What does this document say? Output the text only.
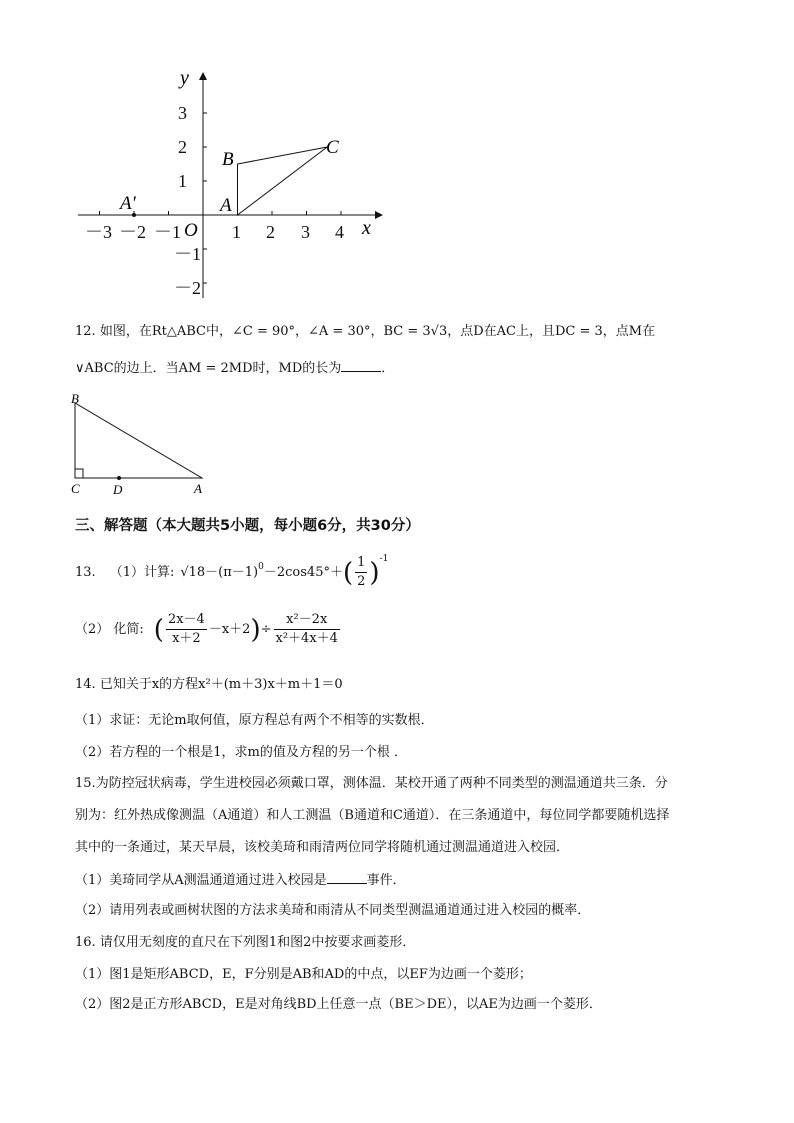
－3 －2 －1	1 2 3 4
3
2
1
－1
－2
O	x
y
A
B
C
A′
12. 如图，在Rt△ABC中，∠C = 90°，∠A = 30°，BC = 3√3，点D在AC上，且DC = 3，点M在
∨ABC的边上．当AM = 2MD时，MD的长为	．
B
C	D	A
三、解答题（本大题共5小题，每小题6分，共30分）
13. （1）计算: $√18-(\pi-1)^0 -2\cos 45^\circ+$ ( $\frac{1}{2} )^{-1}$
（2） 化简: ( $\frac{2x-4}{x+2} -x+2$ ) ÷ $\frac{\text{x²－2x}}{\text{x²＋4x＋4}}$
14. 已知关于x的方程x²＋(m＋3)x＋m＋1＝0
（1）求证：无论m取何值，原方程总有两个不相等的实数根．
（2）若方程的一个根是1，求m的值及方程的另一个根 ．
15.为防控冠状病毒，学生进校园必须戴口罩，测体温．某校开通了两种不同类型的测温通道共三条．分
别为：红外热成像测温（A通道）和人工测温（B通道和C通道）．在三条通道中，每位同学都要随机选择
其中的一条通过，某天早晨，该校美琦和雨清两位同学将随机通过测温通道进入校园．
（1）美琦同学从A测温通道通过进入校园是	事件．
（2）请用列表或画树状图的方法求美琦和雨清从不同类型测温通道通过进入校园的概率．
16. 请仅用无刻度的直尺在下列图1和图2中按要求画菱形．
（1）图1是矩形ABCD，E，F分别是AB和AD的中点，以EF为边画一个菱形；
（2）图2是正方形ABCD，E是对角线BD上任意一点（BE＞DE），以AE为边画一个菱形．
